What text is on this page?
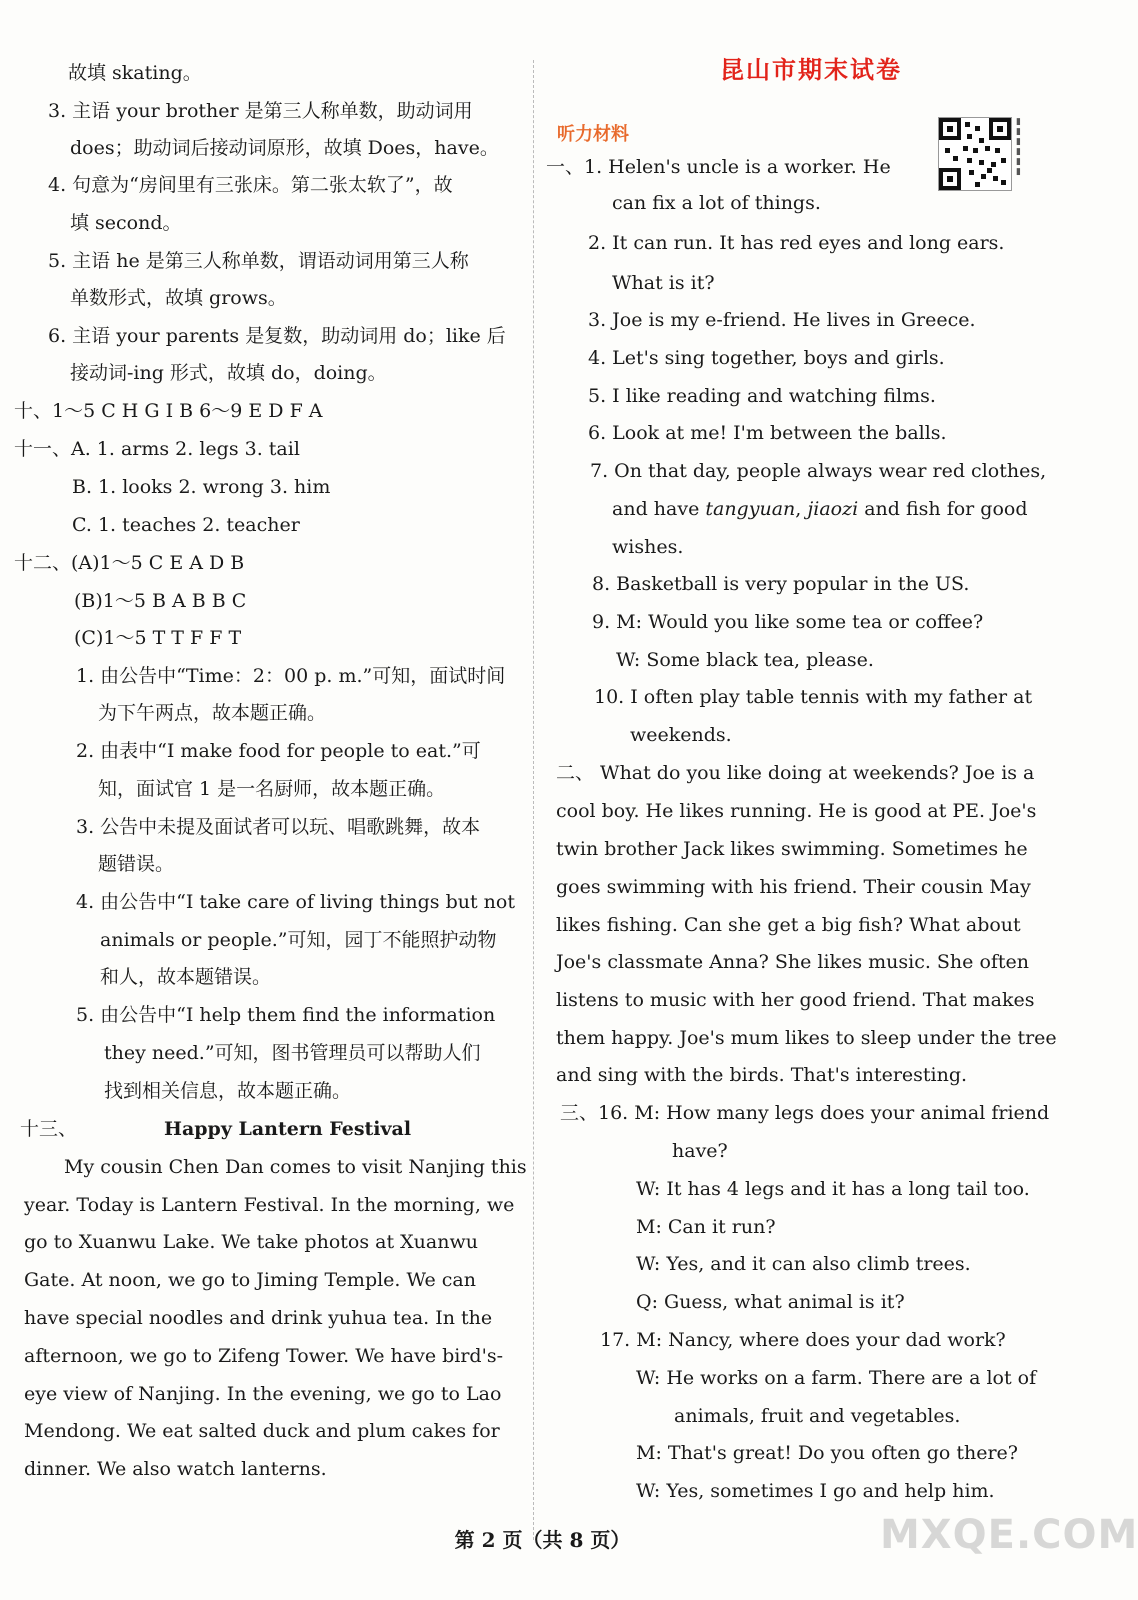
Happy Lantern Festival
昆山市期末试卷
听力材料
▮
▮
▮
▮
▮
▮
and have tangyuan, jiaozi and fish for good
第 2 页（共 8 页）	MXQE.COM
故填 skating。
3. 主语 your brother 是第三人称单数，助动词用
does；助动词后接动词原形，故填 Does，have。
4. 句意为“房间里有三张床。第二张太软了”，故
填 second。
5. 主语 he 是第三人称单数，谓语动词用第三人称
单数形式，故填 grows。
6. 主语 your parents 是复数，助动词用 do；like 后
接动词-ing 形式，故填 do，doing。
十、1～5 C H G I B 6～9 E D F A
十一、A. 1. arms 2. legs 3. tail
B. 1. looks 2. wrong 3. him
C. 1. teaches 2. teacher
十二、(A)1～5 C E A D B
(B)1～5 B A B B C
(C)1～5 T T F F T
1. 由公告中“Time：2：00 p. m.”可知，面试时间
为下午两点，故本题正确。
2. 由表中“I make food for people to eat.”可
知，面试官 1 是一名厨师，故本题正确。
3. 公告中未提及面试者可以玩、唱歌跳舞，故本
题错误。
4. 由公告中“I take care of living things but not
animals or people.”可知，园丁不能照护动物
和人，故本题错误。
5. 由公告中“I help them find the information
they need.”可知，图书管理员可以帮助人们
找到相关信息，故本题正确。
十三、
My cousin Chen Dan comes to visit Nanjing this
year. Today is Lantern Festival. In the morning, we
go to Xuanwu Lake. We take photos at Xuanwu
Gate. At noon, we go to Jiming Temple. We can
have special noodles and drink yuhua tea. In the
afternoon, we go to Zifeng Tower. We have bird's-
eye view of Nanjing. In the evening, we go to Lao
Mendong. We eat salted duck and plum cakes for
dinner. We also watch lanterns.
一、1. Helen's uncle is a worker. He
can fix a lot of things.
2. It can run. It has red eyes and long ears.
What is it?
3. Joe is my e-friend. He lives in Greece.
4. Let's sing together, boys and girls.
5. I like reading and watching films.
6. Look at me! I'm between the balls.
7. On that day, people always wear red clothes,
wishes.
8. Basketball is very popular in the US.
9. M: Would you like some tea or coffee?
W: Some black tea, please.
10. I often play table tennis with my father at
weekends.
二、 What do you like doing at weekends? Joe is a
cool boy. He likes running. He is good at PE. Joe's
twin brother Jack likes swimming. Sometimes he
goes swimming with his friend. Their cousin May
likes fishing. Can she get a big fish? What about
Joe's classmate Anna? She likes music. She often
listens to music with her good friend. That makes
them happy. Joe's mum likes to sleep under the tree
and sing with the birds. That's interesting.
三、16. M: How many legs does your animal friend
have?
W: It has 4 legs and it has a long tail too.
M: Can it run?
W: Yes, and it can also climb trees.
Q: Guess, what animal is it?
17. M: Nancy, where does your dad work?
W: He works on a farm. There are a lot of
animals, fruit and vegetables.
M: That's great! Do you often go there?
W: Yes, sometimes I go and help him.
